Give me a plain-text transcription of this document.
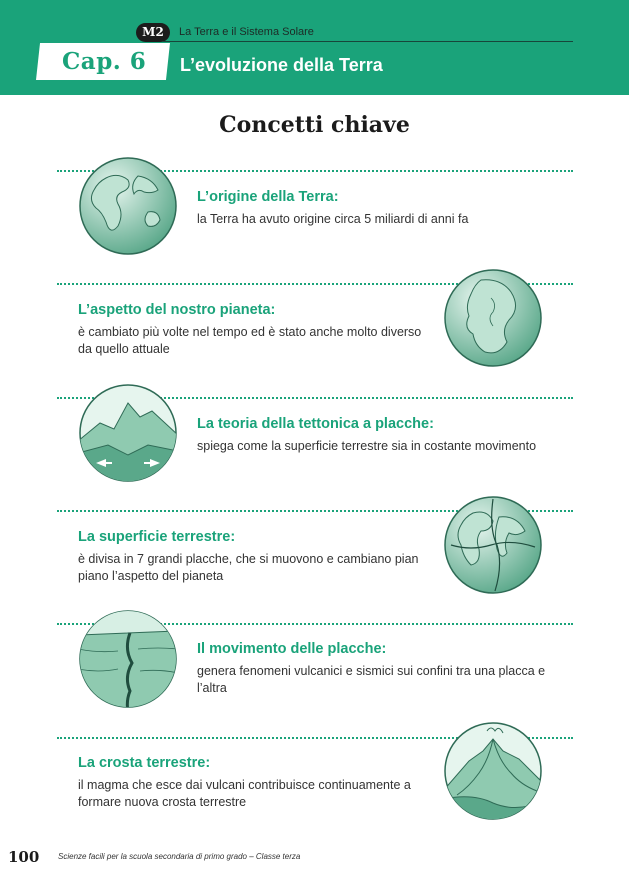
M2	La Terra e il Sistema Solare
Cap. 6 L’evoluzione della Terra
Concetti chiave
L’origine della Terra:
la Terra ha avuto origine circa 5 miliardi di anni fa
L’aspetto del nostro pianeta:
è cambiato più volte nel tempo ed è stato anche molto diverso da quello attuale
La teoria della tettonica a placche:
spiega come la superficie terrestre sia in costante movimento
La superficie terrestre:
è divisa in 7 grandi placche, che si muovono e cambiano pian piano l’aspetto del pianeta
Il movimento delle placche:
genera fenomeni vulcanici e sismici sui confini tra una placca e l’altra
La crosta terrestre:
il magma che esce dai vulcani contribuisce continuamente a formare nuova crosta terrestre
100 Scienze facili per la scuola secondaria di primo grado – Classe terza
